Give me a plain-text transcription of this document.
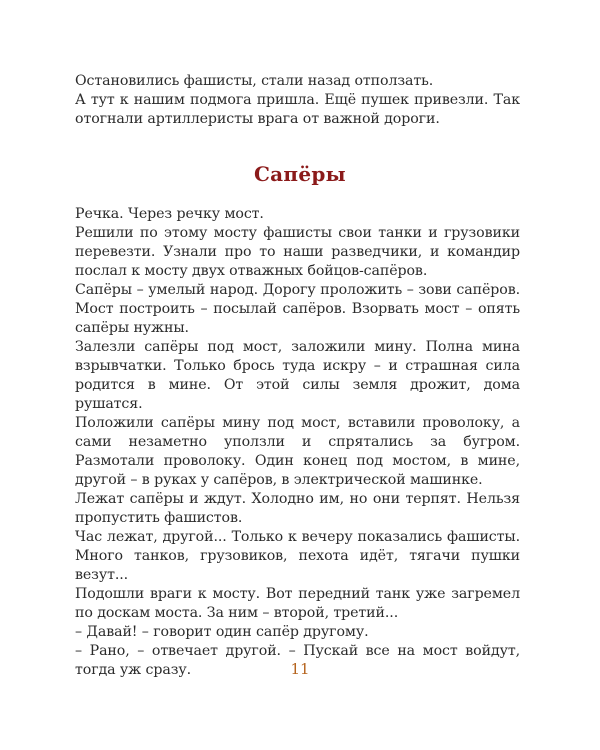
Остановились фашисты, стали назад отползать.

А тут к нашим подмога пришла. Ещё пушек привезли. Так отогнали артиллеристы врага от важной дороги.

Сапёры

Речка. Через речку мост.

Решили по этому мосту фашисты свои танки и грузовики перевезти. Узнали про то наши разведчики, и командир послал к мосту двух отважных бойцов-сапёров.

Сапёры – умелый народ. Дорогу проложить – зови сапёров. Мост построить – посылай сапёров. Взорвать мост – опять сапёры нужны.

Залезли сапёры под мост, заложили мину. Полна мина взрывчатки. Только брось туда искру – и страшная сила родится в мине. От этой силы земля дрожит, дома рушатся.

Положили сапёры мину под мост, вставили проволоку, а сами незаметно уползли и спрятались за бугром. Размотали проволоку. Один конец под мостом, в мине, другой – в руках у сапёров, в электрической машинке.

Лежат сапёры и ждут. Холодно им, но они терпят. Нельзя пропустить фашистов.

Час лежат, другой... Только к вечеру показались фашисты. Много танков, грузовиков, пехота идёт, тягачи пушки везут...

Подошли враги к мосту. Вот передний танк уже загремел по доскам моста. За ним – второй, третий...

– Давай! – говорит один сапёр другому.

– Рано, – отвечает другой. – Пускай все на мост войдут, тогда уж сразу.	11
